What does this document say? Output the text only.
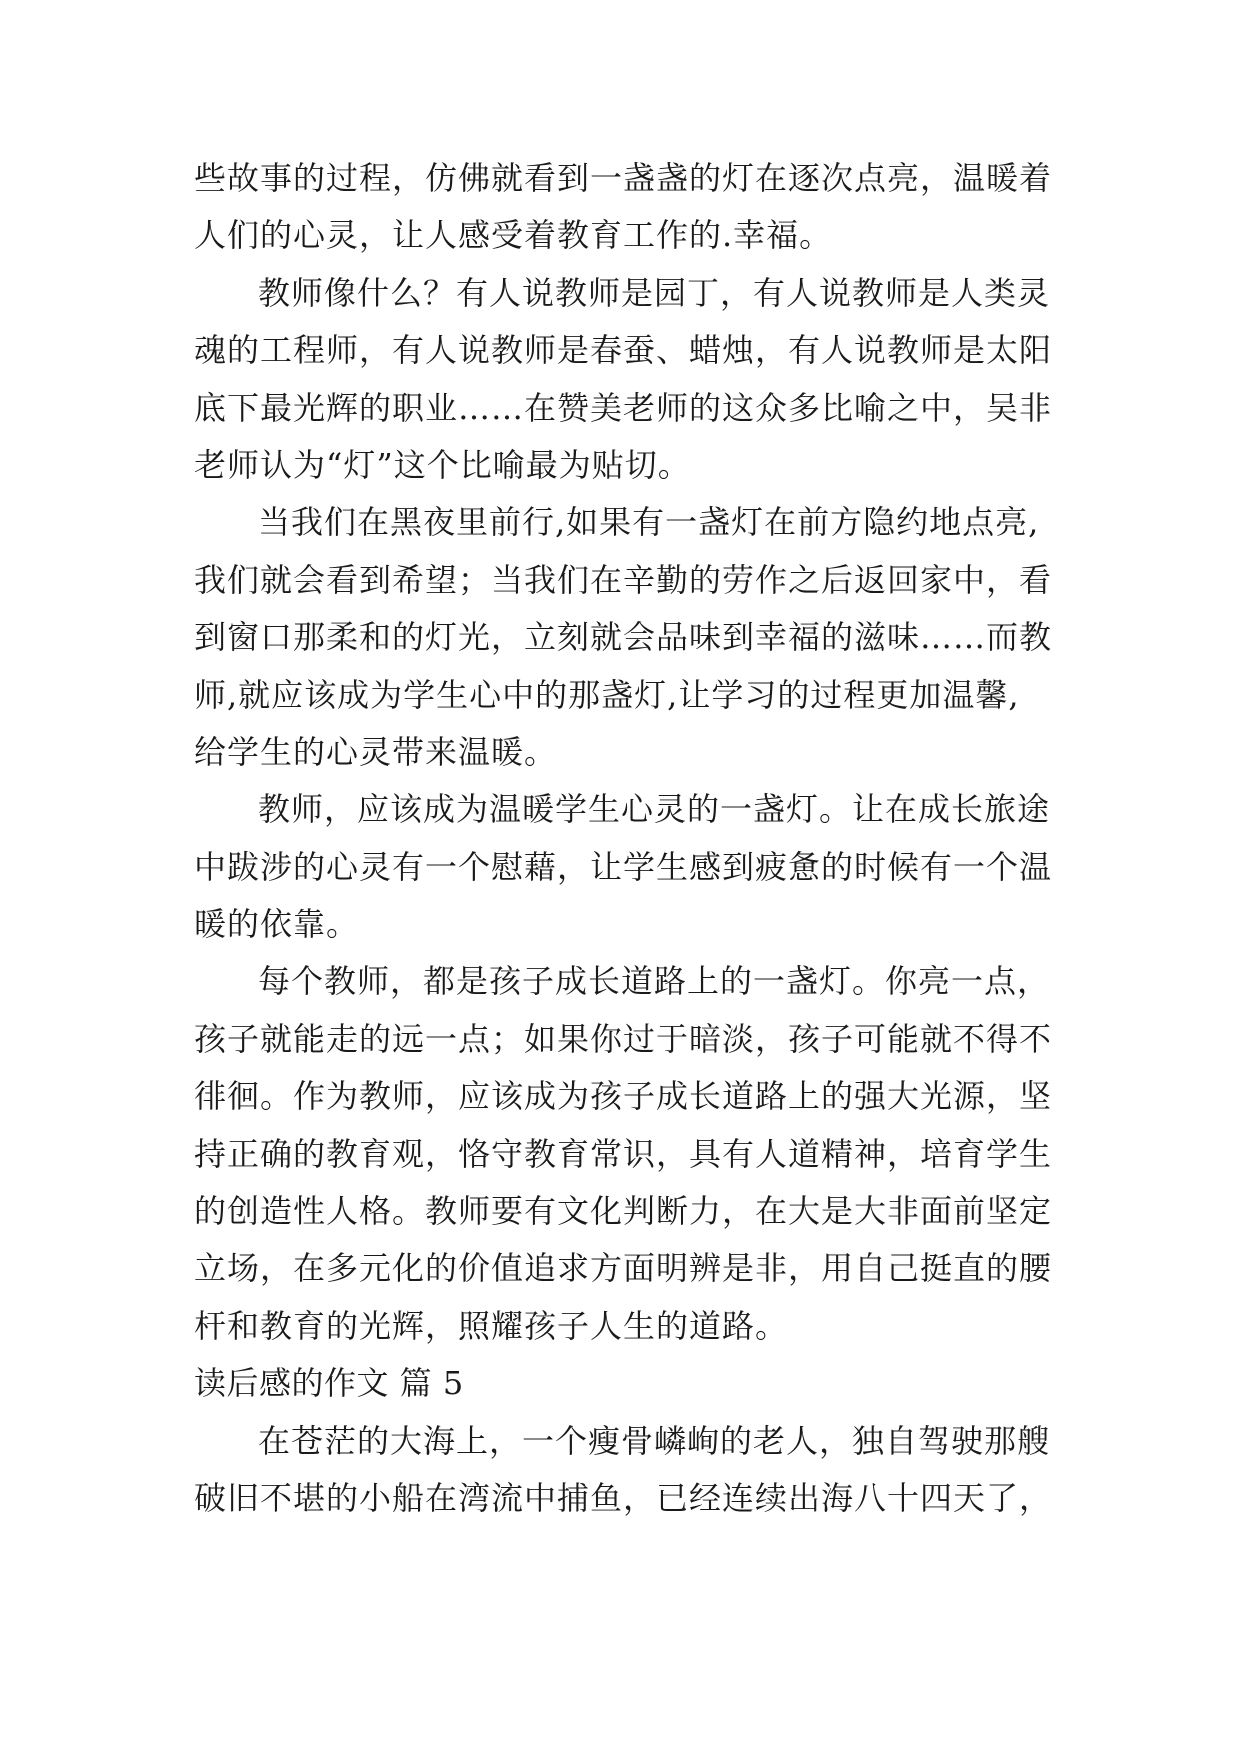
些故事的过程，仿佛就看到一盏盏的灯在逐次点亮，温暖着
人们的心灵，让人感受着教育工作的.幸福。
教师像什么？有人说教师是园丁，有人说教师是人类灵
魂的工程师，有人说教师是春蚕、蜡烛，有人说教师是太阳
底下最光辉的职业……在赞美老师的这众多比喻之中，吴非
老师认为“灯”这个比喻最为贴切。
当我们在黑夜里前行,如果有一盏灯在前方隐约地点亮,
我们就会看到希望；当我们在辛勤的劳作之后返回家中，看
到窗口那柔和的灯光，立刻就会品味到幸福的滋味……而教
师,就应该成为学生心中的那盏灯,让学习的过程更加温馨,
给学生的心灵带来温暖。
教师，应该成为温暖学生心灵的一盏灯。让在成长旅途
中跋涉的心灵有一个慰藉，让学生感到疲惫的时候有一个温
暖的依靠。
每个教师，都是孩子成长道路上的一盏灯。你亮一点，
孩子就能走的远一点；如果你过于暗淡，孩子可能就不得不
徘徊。作为教师，应该成为孩子成长道路上的强大光源，坚
持正确的教育观，恪守教育常识，具有人道精神，培育学生
的创造性人格。教师要有文化判断力，在大是大非面前坚定
立场，在多元化的价值追求方面明辨是非，用自己挺直的腰
杆和教育的光辉，照耀孩子人生的道路。
读后感的作文 篇 5
在苍茫的大海上，一个瘦骨嶙峋的老人，独自驾驶那艘
破旧不堪的小船在湾流中捕鱼，已经连续出海八十四天了，
